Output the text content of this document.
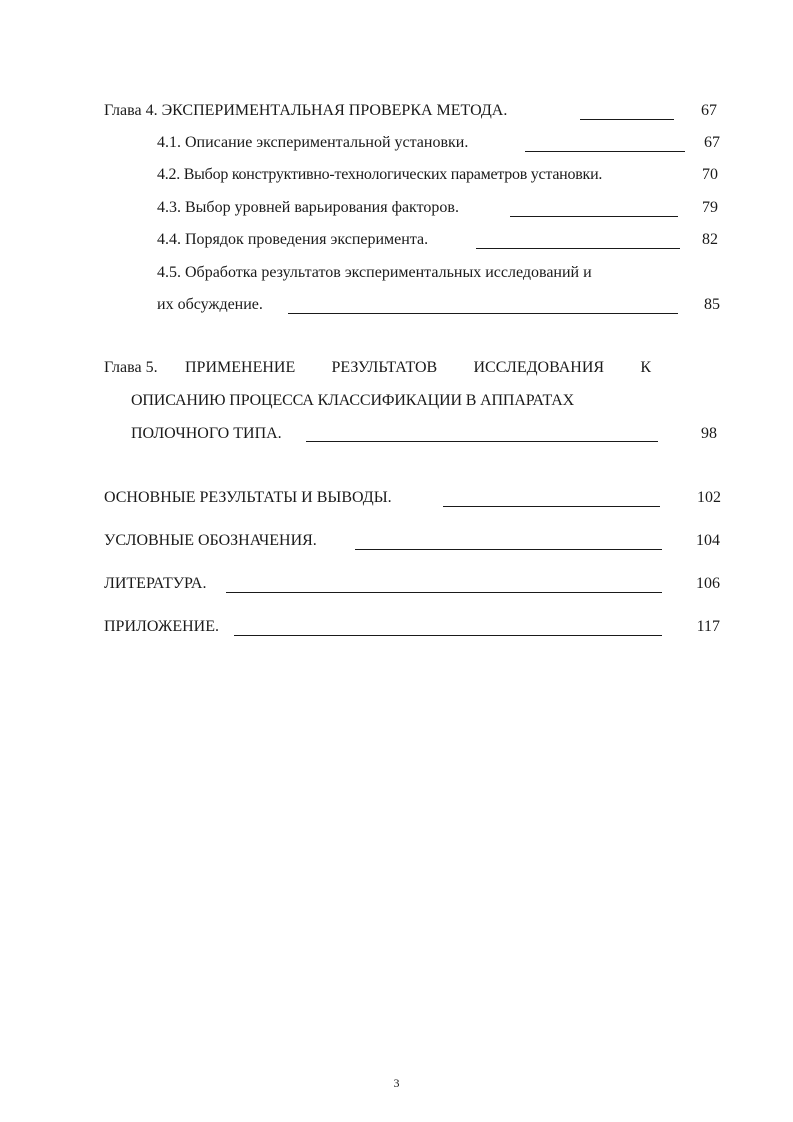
Глава 4. ЭКСПЕРИМЕНТАЛЬНАЯ ПРОВЕРКА МЕТОДА.	67
4.1. Описание экспериментальной установки.	67
4.2. Выбор конструктивно-технологических параметров установки.	70
4.3. Выбор уровней варьирования факторов.	79
4.4. Порядок проведения эксперимента.	82
4.5. Обработка результатов экспериментальных исследований и
их обсуждение.	85
Глава 5. ПРИМЕНЕНИЕ РЕЗУЛЬТАТОВ ИССЛЕДОВАНИЯ К
ОПИСАНИЮ ПРОЦЕССА КЛАССИФИКАЦИИ В АППАРАТАХ
ПОЛОЧНОГО ТИПА.	98
ОСНОВНЫЕ РЕЗУЛЬТАТЫ И ВЫВОДЫ.	102
УСЛОВНЫЕ ОБОЗНАЧЕНИЯ.	104
ЛИТЕРАТУРА.	106
ПРИЛОЖЕНИЕ.	117
3
